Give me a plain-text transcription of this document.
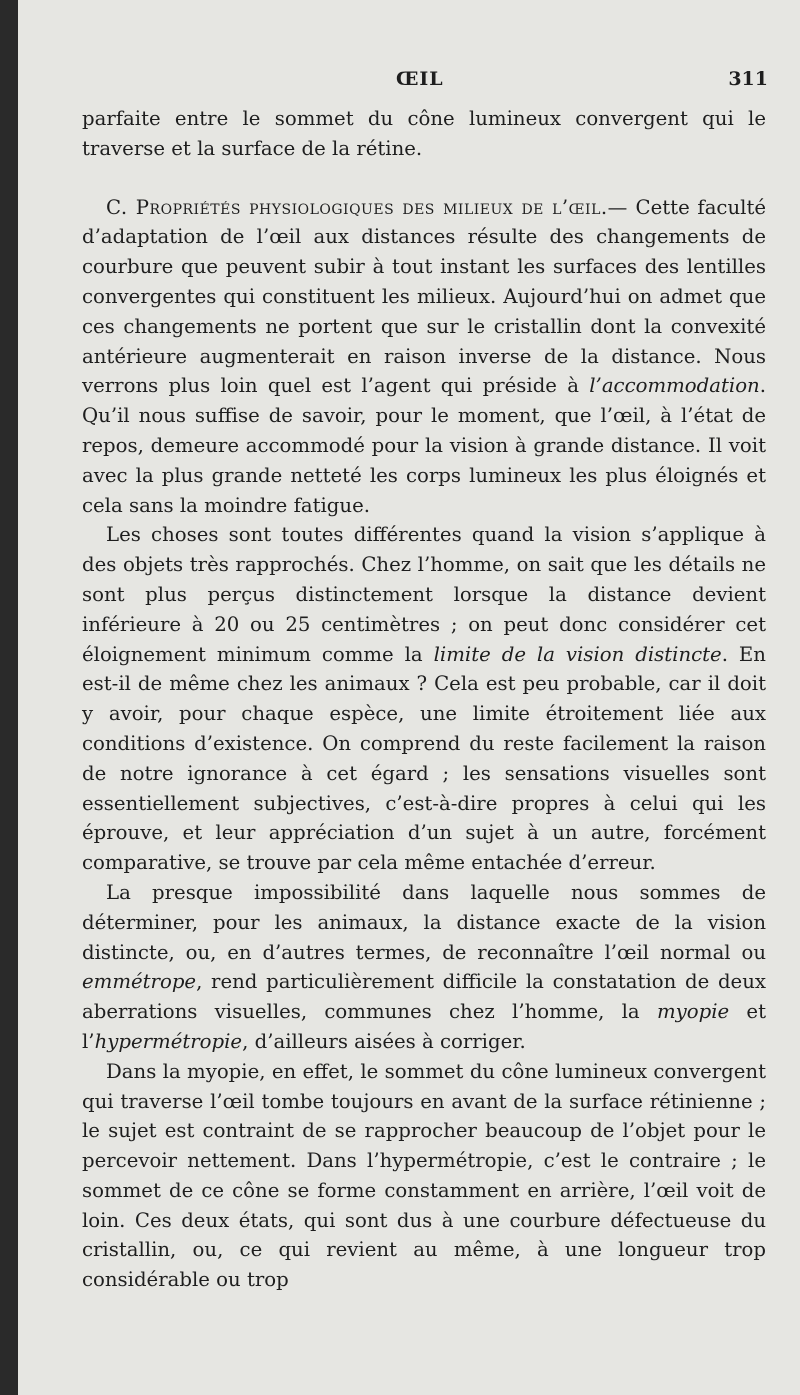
ŒIL	311

parfaite entre le sommet du cône lumineux convergent qui le traverse et la surface de la rétine.

C. Propriétés physiologiques des milieux de l’œil.— Cette faculté d’adaptation de l’œil aux distances résulte des changements de courbure que peuvent subir à tout instant les surfaces des lentilles convergentes qui constituent les milieux. Aujourd’hui on admet que ces changements ne portent que sur le cristallin dont la convexité antérieure augmenterait en raison inverse de la distance. Nous verrons plus loin quel est l’agent qui préside à l’accommodation. Qu’il nous suffise de savoir, pour le moment, que l’œil, à l’état de repos, demeure accommodé pour la vision à grande distance. Il voit avec la plus grande netteté les corps lumineux les plus éloignés et cela sans la moindre fatigue.

Les choses sont toutes différentes quand la vision s’applique à des objets très rapprochés. Chez l’homme, on sait que les détails ne sont plus perçus distinctement lorsque la distance devient inférieure à 20 ou 25 centimètres ; on peut donc considérer cet éloignement minimum comme la limite de la vision distincte. En est-il de même chez les animaux ? Cela est peu probable, car il doit y avoir, pour chaque espèce, une limite étroitement liée aux conditions d’existence. On comprend du reste facilement la raison de notre ignorance à cet égard ; les sensations visuelles sont essentiellement subjectives, c’est-à-dire propres à celui qui les éprouve, et leur appréciation d’un sujet à un autre, forcément comparative, se trouve par cela même entachée d’erreur.

La presque impossibilité dans laquelle nous sommes de déterminer, pour les animaux, la distance exacte de la vision distincte, ou, en d’autres termes, de reconnaître l’œil normal ou emmétrope, rend particulièrement difficile la constatation de deux aberrations visuelles, communes chez l’homme, la myopie et l’hypermétropie, d’ailleurs aisées à corriger.

Dans la myopie, en effet, le sommet du cône lumineux convergent qui traverse l’œil tombe toujours en avant de la surface rétinienne ; le sujet est contraint de se rapprocher beaucoup de l’objet pour le percevoir nettement. Dans l’hypermétropie, c’est le contraire ; le sommet de ce cône se forme constamment en arrière, l’œil voit de loin. Ces deux états, qui sont dus à une courbure défectueuse du cristallin, ou, ce qui revient au même, à une longueur trop considérable ou trop
